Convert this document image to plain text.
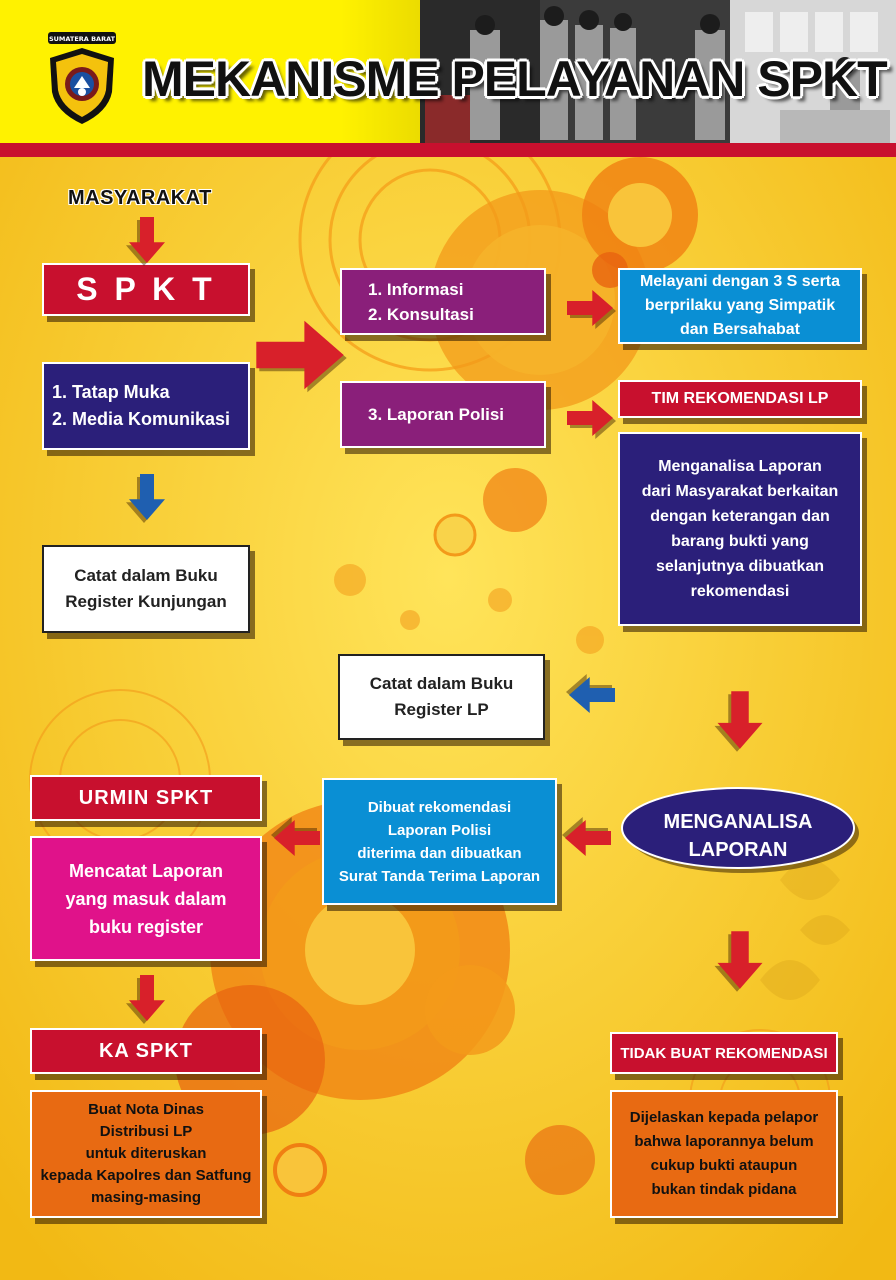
SUMATERA BARAT
MEKANISME PELAYANAN SPKT
MASYARAKAT
S P K T
1. Tatap Muka
2. Media Komunikasi
Catat dalam Buku
Register Kunjungan
1. Informasi
2. Konsultasi
3. Laporan Polisi
Melayani dengan 3 S serta
berprilaku yang Simpatik
dan Bersahabat
TIM REKOMENDASI LP
Menganalisa Laporan
dari Masyarakat berkaitan
dengan keterangan dan
barang bukti yang
selanjutnya dibuatkan
rekomendasi
Catat dalam Buku
Register LP
MENGANALISA
LAPORAN
Dibuat rekomendasi
Laporan Polisi
diterima dan dibuatkan
Surat Tanda Terima Laporan
URMIN SPKT
Mencatat Laporan
yang masuk dalam
buku register
KA SPKT
Buat Nota Dinas
Distribusi LP
untuk diteruskan
kepada Kapolres dan Satfung
masing-masing
TIDAK BUAT REKOMENDASI
Dijelaskan kepada pelapor
bahwa laporannya belum
cukup bukti ataupun
bukan tindak pidana
